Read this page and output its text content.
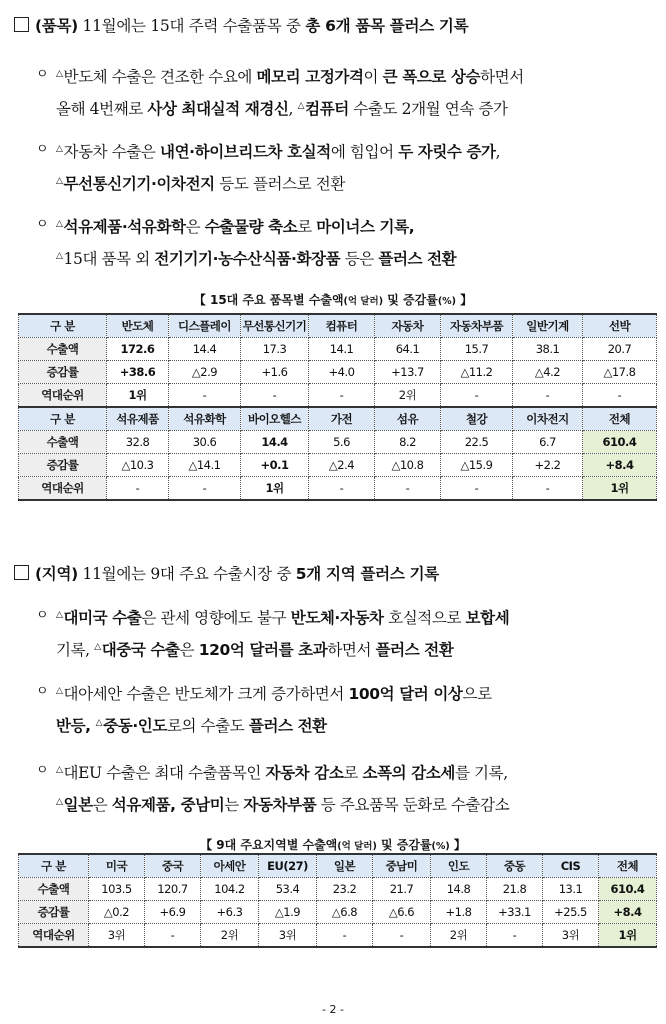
(품목) 11월에는 15대 주력 수출품목 중 총 6개 품목 플러스 기록
ㅇ △반도체 수출은 견조한 수요에 메모리 고정가격이 큰 폭으로 상승하면서
올해 4번째로 사상 최대실적 재경신, △컴퓨터 수출도 2개월 연속 증가
ㅇ △자동차 수출은 내연·하이브리드차 호실적에 힘입어 두 자릿수 증가,
△무선통신기기·이차전지 등도 플러스로 전환
ㅇ △석유제품·석유화학은 수출물량 축소로 마이너스 기록,
△15대 품목 외 전기기기·농수산식품·화장품 등은 플러스 전환
【 15대 주요 품목별 수출액(억 달러) 및 증감률(%) 】
구 분	반도체	디스플레이	무선통신기기	컴퓨터	자동차	자동차부품	일반기계	선박
수출액	172.6	14.4	17.3	14.1	64.1	15.7	38.1	20.7
증감률	+38.6	△2.9	+1.6	+4.0	+13.7	△11.2	△4.2	△17.8
역대순위	1위	-	-	-	2위	-	-	-
구 분	석유제품	석유화학	바이오헬스	가전	섬유	철강	이차전지	전체
수출액	32.8	30.6	14.4	5.6	8.2	22.5	6.7	610.4
증감률	△10.3	△14.1	+0.1	△2.4	△10.8	△15.9	+2.2	+8.4
역대순위	-	-	1위	-	-	-	-	1위
(지역) 11월에는 9대 주요 수출시장 중 5개 지역 플러스 기록
ㅇ △대미국 수출은 관세 영향에도 불구 반도체·자동차 호실적으로 보합세
기록, △대중국 수출은 120억 달러를 초과하면서 플러스 전환
ㅇ △대아세안 수출은 반도체가 크게 증가하면서 100억 달러 이상으로
반등, △중동·인도로의 수출도 플러스 전환
ㅇ △대EU 수출은 최대 수출품목인 자동차 감소로 소폭의 감소세를 기록,
△일본은 석유제품, 중남미는 자동차부품 등 주요품목 둔화로 수출감소
【 9대 주요지역별 수출액(억 달러) 및 증감률(%) 】
구 분	미국	중국	아세안	EU(27)	일본	중남미	인도	중동	CIS	전체
수출액	103.5	120.7	104.2	53.4	23.2	21.7	14.8	21.8	13.1	610.4
증감률	△0.2	+6.9	+6.3	△1.9	△6.8	△6.6	+1.8	+33.1	+25.5	+8.4
역대순위	3위	-	2위	3위	-	-	2위	-	3위	1위
- 2 -
